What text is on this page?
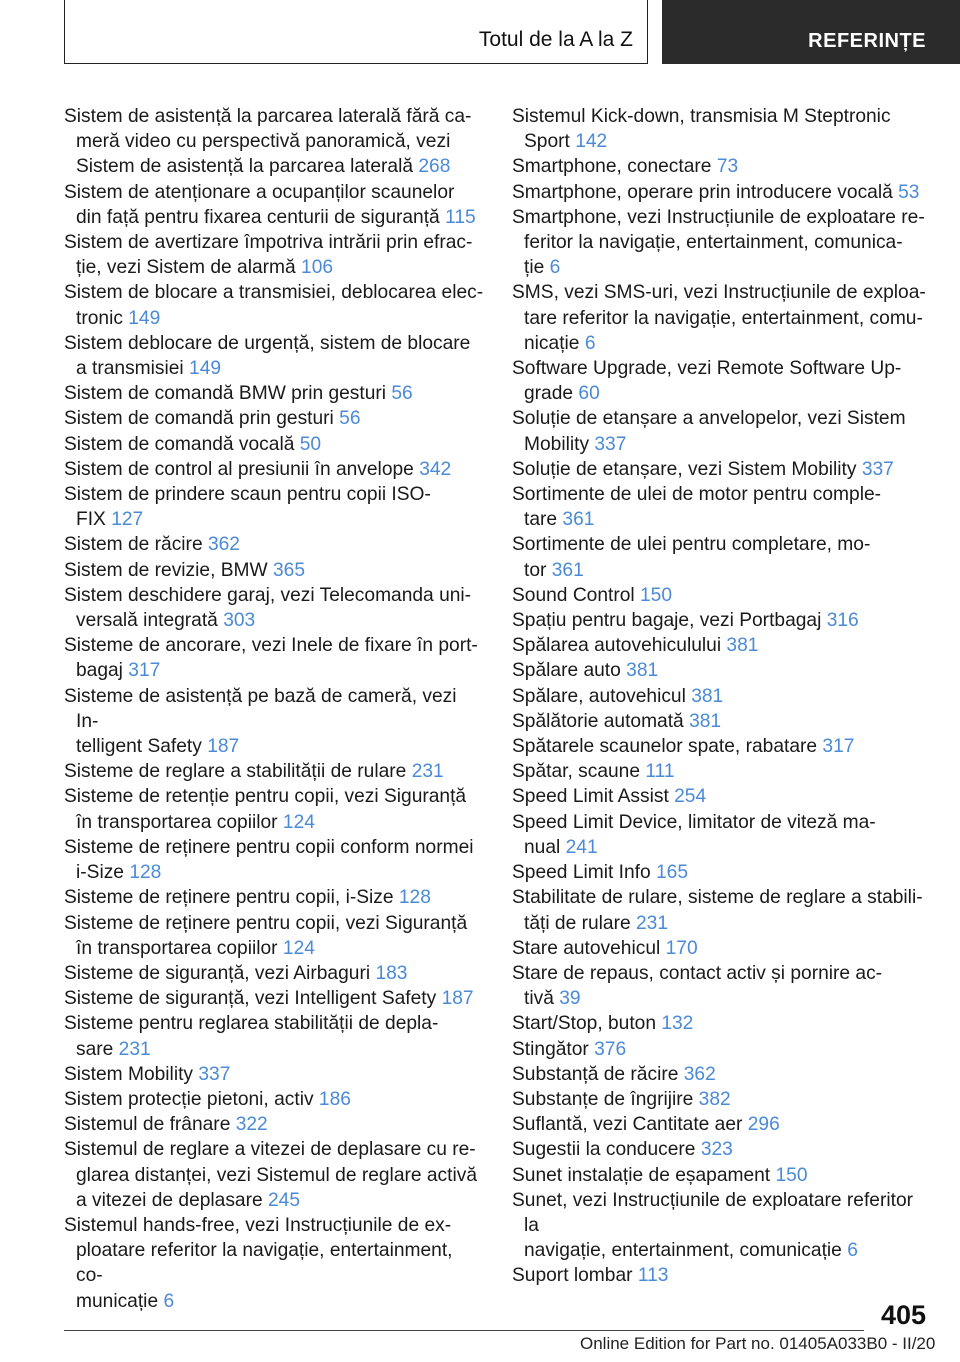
Totul de la A la Z	REFERINȚE
Sistem de asistență la parcarea laterală fără ca-
meră video cu perspectivă panoramică, vezi
Sistem de asistență la parcarea laterală 268
Sistem de atenționare a ocupanților scaunelor
din față pentru fixarea centurii de siguranță 115
Sistem de avertizare împotriva intrării prin efrac-
ție, vezi Sistem de alarmă 106
Sistem de blocare a transmisiei, deblocarea elec-
tronic 149
Sistem deblocare de urgență, sistem de blocare
a transmisiei 149
Sistem de comandă BMW prin gesturi 56
Sistem de comandă prin gesturi 56
Sistem de comandă vocală 50
Sistem de control al presiunii în anvelope 342
Sistem de prindere scaun pentru copii ISO-
FIX 127
Sistem de răcire 362
Sistem de revizie, BMW 365
Sistem deschidere garaj, vezi Telecomanda uni-
versală integrată 303
Sisteme de ancorare, vezi Inele de fixare în port-
bagaj 317
Sisteme de asistență pe bază de cameră, vezi In-
telligent Safety 187
Sisteme de reglare a stabilității de rulare 231
Sisteme de retenție pentru copii, vezi Siguranță
în transportarea copiilor 124
Sisteme de reținere pentru copii conform normei
i-Size 128
Sisteme de reținere pentru copii, i-Size 128
Sisteme de reținere pentru copii, vezi Siguranță
în transportarea copiilor 124
Sisteme de siguranță, vezi Airbaguri 183
Sisteme de siguranță, vezi Intelligent Safety 187
Sisteme pentru reglarea stabilității de depla-
sare 231
Sistem Mobility 337
Sistem protecție pietoni, activ 186
Sistemul de frânare 322
Sistemul de reglare a vitezei de deplasare cu re-
glarea distanței, vezi Sistemul de reglare activă
a vitezei de deplasare 245
Sistemul hands-free, vezi Instrucțiunile de ex-
ploatare referitor la navigație, entertainment, co-
municație 6
Sistemul Kick-down, transmisia M Steptronic
Sport 142
Smartphone, conectare 73
Smartphone, operare prin introducere vocală 53
Smartphone, vezi Instrucțiunile de exploatare re-
feritor la navigație, entertainment, comunica-
ție 6
SMS, vezi SMS-uri, vezi Instrucțiunile de exploa-
tare referitor la navigație, entertainment, comu-
nicație 6
Software Upgrade, vezi Remote Software Up-
grade 60
Soluție de etanșare a anvelopelor, vezi Sistem
Mobility 337
Soluție de etanșare, vezi Sistem Mobility 337
Sortimente de ulei de motor pentru comple-
tare 361
Sortimente de ulei pentru completare, mo-
tor 361
Sound Control 150
Spațiu pentru bagaje, vezi Portbagaj 316
Spălarea autovehiculului 381
Spălare auto 381
Spălare, autovehicul 381
Spălătorie automată 381
Spătarele scaunelor spate, rabatare 317
Spătar, scaune 111
Speed Limit Assist 254
Speed Limit Device, limitator de viteză ma-
nual 241
Speed Limit Info 165
Stabilitate de rulare, sisteme de reglare a stabili-
tăți de rulare 231
Stare autovehicul 170
Stare de repaus, contact activ și pornire ac-
tivă 39
Start/Stop, buton 132
Stingător 376
Substanță de răcire 362
Substanțe de îngrijire 382
Suflantă, vezi Cantitate aer 296
Sugestii la conducere 323
Sunet instalație de eșapament 150
Sunet, vezi Instrucțiunile de exploatare referitor la
navigație, entertainment, comunicație 6
Suport lombar 113
405
Online Edition for Part no. 01405A033B0 - II/20
